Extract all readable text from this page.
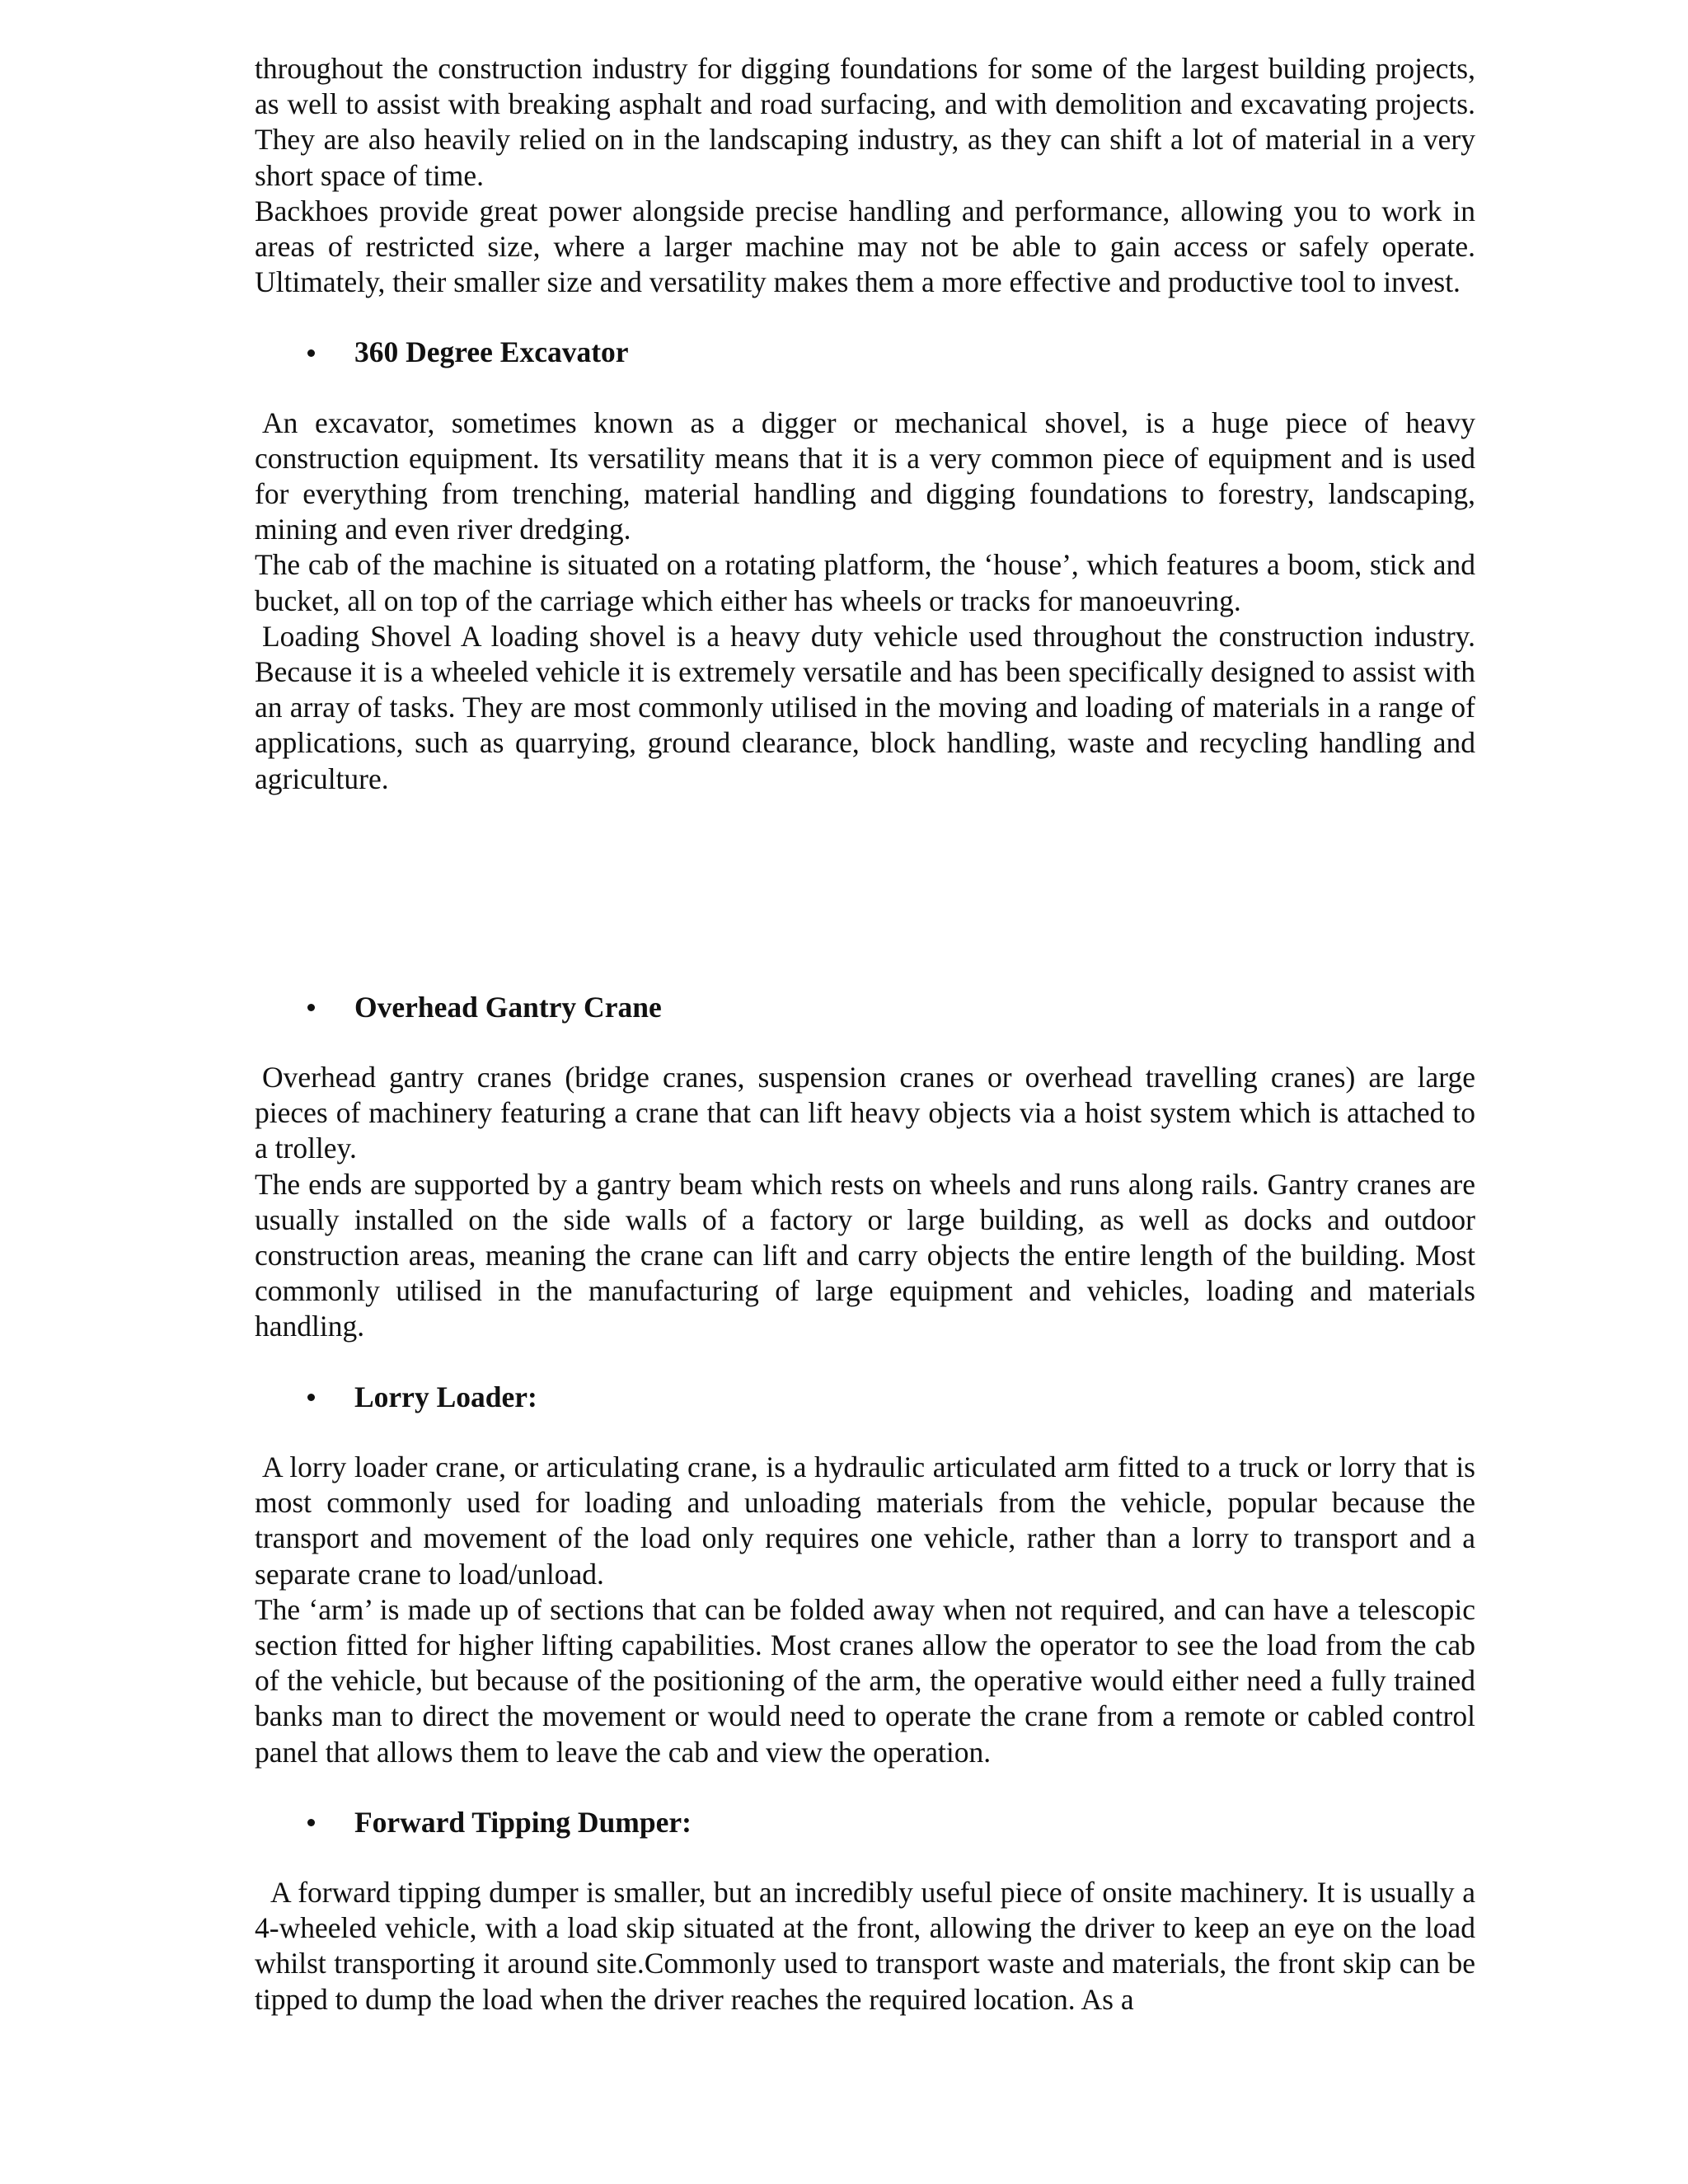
throughout the construction industry for digging foundations for some of the largest building projects, as well to assist with breaking asphalt and road surfacing, and with demolition and excavating projects. They are also heavily relied on in the landscaping industry, as they can shift a lot of material in a very short space of time.

Backhoes provide great power alongside precise handling and performance, allowing you to work in areas of restricted size, where a larger machine may not be able to gain access or safely operate. Ultimately, their smaller size and versatility makes them a more effective and productive tool to invest.

360 Degree Excavator

An excavator, sometimes known as a digger or mechanical shovel, is a huge piece of heavy construction equipment. Its versatility means that it is a very common piece of equipment and is used for everything from trenching, material handling and digging foundations to forestry, landscaping, mining and even river dredging.

The cab of the machine is situated on a rotating platform, the ‘house’, which features a boom, stick and bucket, all on top of the carriage which either has wheels or tracks for manoeuvring.

Loading Shovel A loading shovel is a heavy duty vehicle used throughout the construction industry. Because it is a wheeled vehicle it is extremely versatile and has been specifically designed to assist with an array of tasks. They are most commonly utilised in the moving and loading of materials in a range of applications, such as quarrying, ground clearance, block handling, waste and recycling handling and agriculture.

Overhead Gantry Crane

Overhead gantry cranes (bridge cranes, suspension cranes or overhead travelling cranes) are large pieces of machinery featuring a crane that can lift heavy objects via a hoist system which is attached to a trolley.

The ends are supported by a gantry beam which rests on wheels and runs along rails. Gantry cranes are usually installed on the side walls of a factory or large building, as well as docks and outdoor construction areas, meaning the crane can lift and carry objects the entire length of the building. Most commonly utilised in the manufacturing of large equipment and vehicles, loading and materials handling.

Lorry Loader:

A lorry loader crane, or articulating crane, is a hydraulic articulated arm fitted to a truck or lorry that is most commonly used for loading and unloading materials from the vehicle, popular because the transport and movement of the load only requires one vehicle, rather than a lorry to transport and a separate crane to load/unload.

The ‘arm’ is made up of sections that can be folded away when not required, and can have a telescopic section fitted for higher lifting capabilities. Most cranes allow the operator to see the load from the cab of the vehicle, but because of the positioning of the arm, the operative would either need a fully trained banks man to direct the movement or would need to operate the crane from a remote or cabled control panel that allows them to leave the cab and view the operation.

Forward Tipping Dumper:

A forward tipping dumper is smaller, but an incredibly useful piece of onsite machinery. It is usually a 4-wheeled vehicle, with a load skip situated at the front, allowing the driver to keep an eye on the load whilst transporting it around site.Commonly used to transport waste and materials, the front skip can be tipped to dump the load when the driver reaches the required location. As a
